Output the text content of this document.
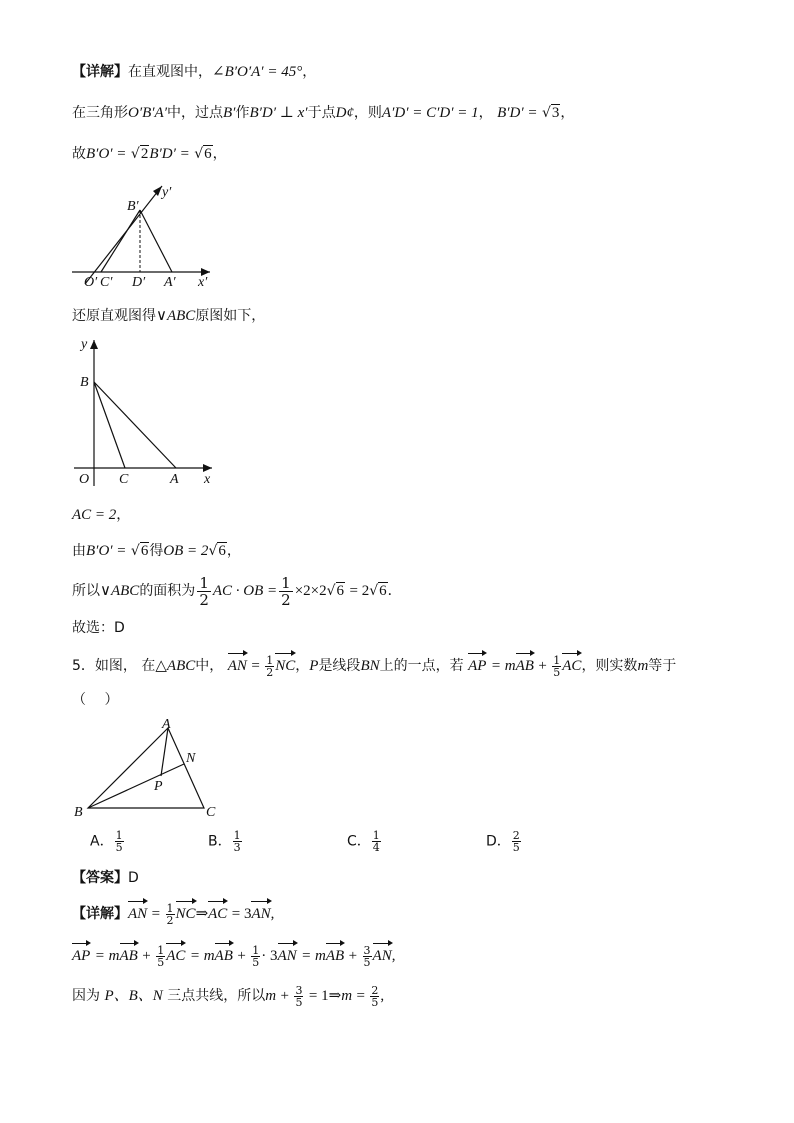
【详解】在直观图中，∠B′O′A′ = 45°，
在三角形O′B′A′中，过点B′作B′D′ ⊥ x′于点D¢，则A′D′ = C′D′ = 1， B′D′ = √3，
故B′O′ = √2B′D′ = √6，
B′
y′
O′ C′ D′ A′ x′
还原直观图得∨ABC原图如下，
y
B
O C	A x
AC = 2，
由B′O′ = √6得OB = 2√6，
所以∨ABC的面积为 $\frac{1}{2}$ AC · OB = $\frac{1}{2} \times 2\times 2√6 = 2√6$．
故选：D
5．如图， 在△ABC中， AN = $\frac{1}{2}$ NC，P是线段BN上的一点，若 AP = mAB + $\frac{1}{5}$ AC，则实数m等于
（　 ）
A
N
P
B	C
A． $\frac{1}{5}$	B． $\frac{1}{3}$	C． $\frac{1}{4}$	D． $\frac{2}{5}$
【答案】D
【详解】AN = $\frac{1}{2}$ NC⇒AC = 3AN,
AP = mAB + $\frac{1}{5}$ AC = mAB + $\frac{1}{5} \cdot 3AN$ = mAB + $\frac{3}{5}$ AN,
因为 P、B、N 三点共线，所以$m + \frac{3}{5}$ = 1⇒m = $\frac{2}{5}$ ,
